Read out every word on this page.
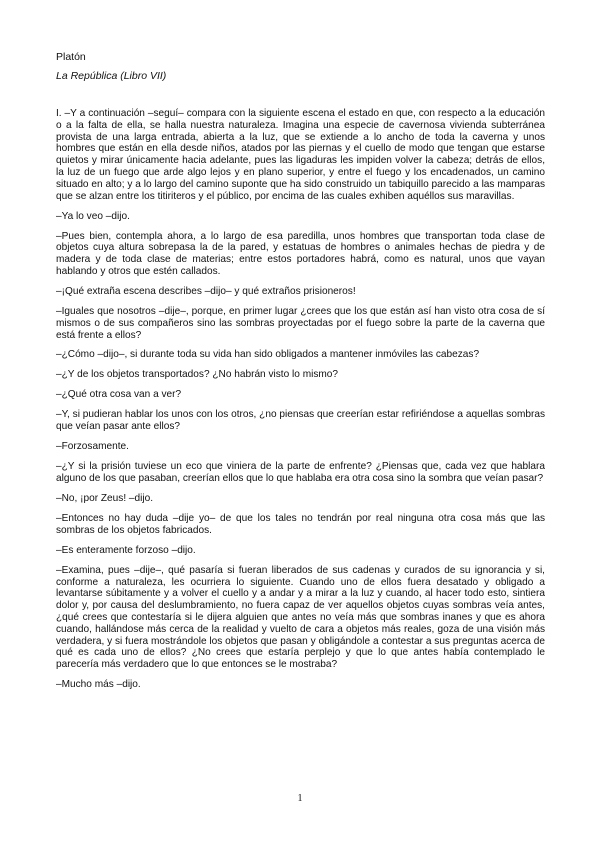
Platón
La República (Libro VII)

I. –Y a continuación –seguí– compara con la siguiente escena el estado en que, con respecto a la educación o a la falta de ella, se halla nuestra naturaleza. Imagina una especie de cavernosa vivienda subterránea provista de una larga entrada, abierta a la luz, que se extiende a lo ancho de toda la caverna y unos hombres que están en ella desde niños, atados por las piernas y el cuello de modo que tengan que estarse quietos y mirar únicamente hacia adelante, pues las ligaduras les impiden volver la cabeza; detrás de ellos, la luz de un fuego que arde algo lejos y en plano superior, y entre el fuego y los encadenados, un camino situado en alto; y a lo largo del camino suponte que ha sido construido un tabiquillo parecido a las mamparas que se alzan entre los titiriteros y el público, por encima de las cuales exhiben aquéllos sus maravillas.

–Ya lo veo –dijo.

–Pues bien, contempla ahora, a lo largo de esa paredilla, unos hombres que transportan toda clase de objetos cuya altura sobrepasa la de la pared, y estatuas de hombres o animales hechas de piedra y de madera y de toda clase de materias; entre estos portadores habrá, como es natural, unos que vayan hablando y otros que estén callados.

–¡Qué extraña escena describes –dijo– y qué extraños prisioneros!

–Iguales que nosotros –dije–, porque, en primer lugar ¿crees que los que están así han visto otra cosa de sí mismos o de sus compañeros sino las sombras proyectadas por el fuego sobre la parte de la caverna que está frente a ellos?

–¿Cómo –dijo–, si durante toda su vida han sido obligados a mantener inmóviles las cabezas?

–¿Y de los objetos transportados? ¿No habrán visto lo mismo?

–¿Qué otra cosa van a ver?

–Y, si pudieran hablar los unos con los otros, ¿no piensas que creerían estar refiriéndose a aquellas sombras que veían pasar ante ellos?

–Forzosamente.

–¿Y si la prisión tuviese un eco que viniera de la parte de enfrente? ¿Piensas que, cada vez que hablara alguno de los que pasaban, creerían ellos que lo que hablaba era otra cosa sino la sombra que veían pasar?

–No, ¡por Zeus! –dijo.

–Entonces no hay duda –dije yo– de que los tales no tendrán por real ninguna otra cosa más que las sombras de los objetos fabricados.

–Es enteramente forzoso –dijo.

–Examina, pues –dije–, qué pasaría si fueran liberados de sus cadenas y curados de su ignorancia y si, conforme a naturaleza, les ocurriera lo siguiente. Cuando uno de ellos fuera desatado y obligado a levantarse súbitamente y a volver el cuello y a andar y a mirar a la luz y cuando, al hacer todo esto, sintiera dolor y, por causa del deslumbramiento, no fuera capaz de ver aquellos objetos cuyas sombras veía antes, ¿qué crees que contestaría si le dijera alguien que antes no veía más que sombras inanes y que es ahora cuando, hallándose más cerca de la realidad y vuelto de cara a objetos más reales, goza de una visión más verdadera, y si fuera mostrándole los objetos que pasan y obligándole a contestar a sus preguntas acerca de qué es cada uno de ellos? ¿No crees que estaría perplejo y que lo que antes había contemplado le parecería más verdadero que lo que entonces se le mostraba?

–Mucho más –dijo.

1
